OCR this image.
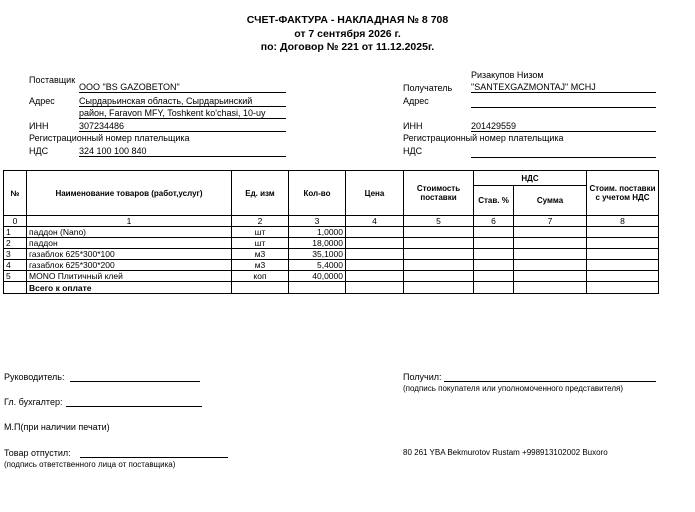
СЧЕТ-ФАКТУРА - НАКЛАДНАЯ № 8 708
от 7 сентября 2026 г.
по: Договор № 221 от 11.12.2025г.
Поставщик
ООО "BS GAZOBETON"
Адрес	Сырдарьинская область, Сырдарьинский
район, Faravon MFY, Toshkent ko'chasi, 10-uy
ИНН	307234486
Регистрационный номер плательщика
НДС	324 100 100 840
Ризакупов Низом
Получатель "SANTEXGAZMONTAJ" MCHJ
Адрес
ИНН	201429559
Регистрационный номер плательщика
НДС
№	Наименование товаров (работ,услуг)	Ед. изм	Кол-во	Цена	Стоимость поставки	НДС		Стоим. поставки с учетом НДС
						Став. %	Сумма	
0	1	2	3	4	5	6	7	8
1	паддон (Nano)	шт	1,0000					
2	паддон	шт	18,0000					
3	газаблок 625*300*100	м3	35,1000					
4	газаблок 625*300*200	м3	5,4000					
5	MONO Плитичный клей	коп	40,0000					
	Всего к оплате							
Руководитель:
Гл. бухгалтер:
М.П(при наличии печати)
Товар отпустил:
(подпись ответственного лица от поставщика)
Получил:
(подпись покупателя или уполномоченного представителя)
80 261 YBA Bekmurotov Rustam +998913102002 Buxoro
